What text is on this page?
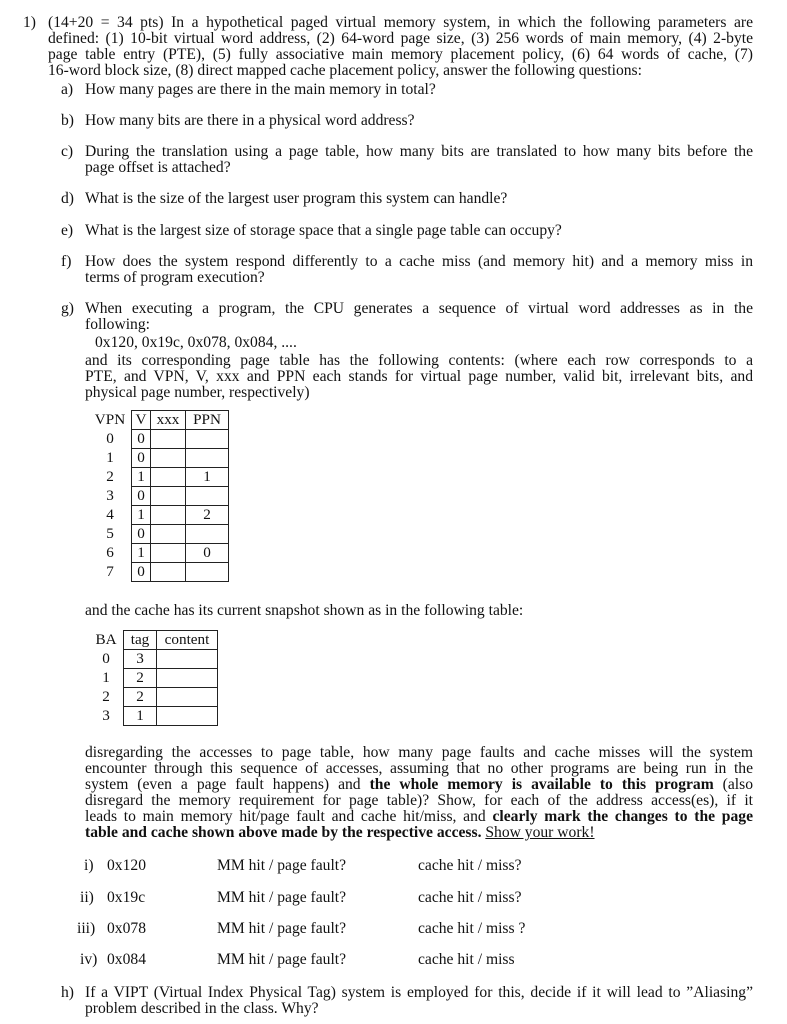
1) (14+20 = 34 pts) In a hypothetical paged virtual memory system, in which the following parameters are
defined: (1) 10-bit virtual word address, (2) 64-word page size, (3) 256 words of main memory, (4) 2-byte
page table entry (PTE), (5) fully associative main memory placement policy, (6) 64 words of cache, (7)
16-word block size, (8) direct mapped cache placement policy, answer the following questions:
a) How many pages are there in the main memory in total?
b) How many bits are there in a physical word address?
c) During the translation using a page table, how many bits are translated to how many bits before the
page offset is attached?
d) What is the size of the largest user program this system can handle?
e) What is the largest size of storage space that a single page table can occupy?
f) How does the system respond differently to a cache miss (and memory hit) and a memory miss in
terms of program execution?
g) When executing a program, the CPU generates a sequence of virtual word addresses as in the
following:
0x120, 0x19c, 0x078, 0x084, ....
and its corresponding page table has the following contents: (where each row corresponds to a
PTE, and VPN, V, xxx and PPN each stands for virtual page number, valid bit, irrelevant bits, and
physical page number, respectively)
VPN	V	xxx	PPN
0	0		
1	0		
2	1		1
3	0		
4	1		2
5	0		
6	1		0
7	0		
and the cache has its current snapshot shown as in the following table:
BA	tag	content
0	3	
1	2	
2	2	
3	1	
disregarding the accesses to page table, how many page faults and cache misses will the system
encounter through this sequence of accesses, assuming that no other programs are being run in the
system (even a page fault happens) and the whole memory is available to this program (also
disregard the memory requirement for page table)? Show, for each of the address access(es), if it
leads to main memory hit/page fault and cache hit/miss, and clearly mark the changes to the page
table and cache shown above made by the respective access. Show your work!
i) 0x120	MM hit / page fault?	cache hit / miss?
ii) 0x19c	MM hit / page fault?	cache hit / miss?
iii) 0x078	MM hit / page fault?	cache hit / miss ?
iv) 0x084	MM hit / page fault?	cache hit / miss
h) If a VIPT (Virtual Index Physical Tag) system is employed for this, decide if it will lead to ”Aliasing”
problem described in the class. Why?
